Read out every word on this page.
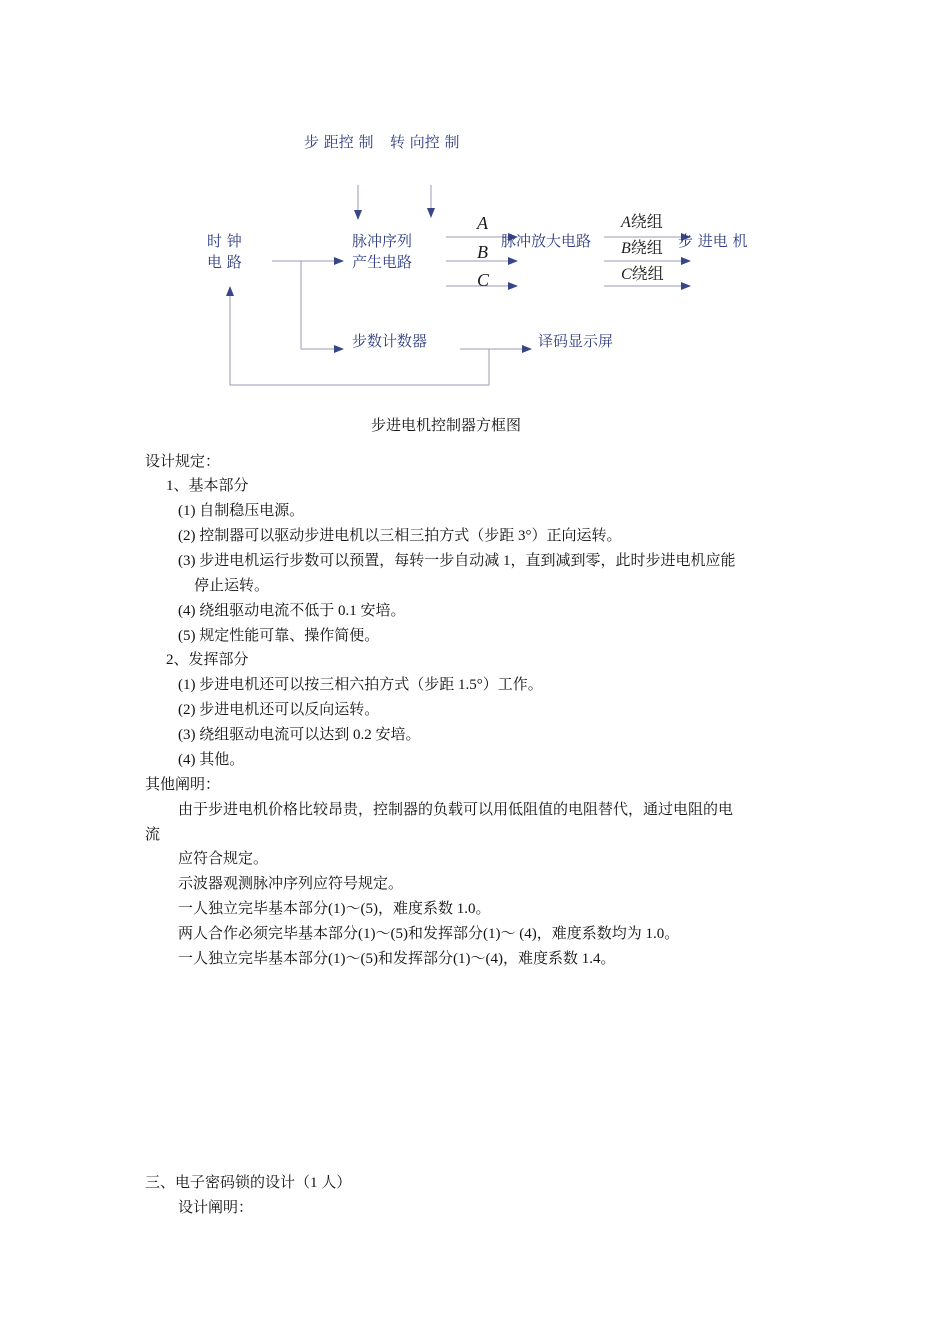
步 距控 制 转 向控 制
时 钟
电 路
脉冲序列
产生电路
A
B
C
脉冲放大电路
A绕组
B绕组
C绕组
步 进电 机
步数计数器	译码显示屏
步进电机控制器方框图
设计规定：
1、基本部分
(1) 自制稳压电源。
(2) 控制器可以驱动步进电机以三相三拍方式（步距 3°）正向运转。
(3) 步进电机运行步数可以预置，每转一步自动减 1，直到减到零，此时步进电机应能
停止运转。
(4) 绕组驱动电流不低于 0.1 安培。
(5) 规定性能可靠、操作简便。
2、发挥部分
(1) 步进电机还可以按三相六拍方式（步距 1.5°）工作。
(2) 步进电机还可以反向运转。
(3) 绕组驱动电流可以达到 0.2 安培。
(4) 其他。
其他阐明：
由于步进电机价格比较昂贵，控制器的负载可以用低阻值的电阻替代，通过电阻的电
流
应符合规定。
示波器观测脉冲序列应符号规定。
一人独立完毕基本部分(1)～(5)，难度系数 1.0。
两人合作必须完毕基本部分(1)～(5)和发挥部分(1)～ (4)，难度系数均为 1.0。
一人独立完毕基本部分(1)～(5)和发挥部分(1)～(4)，难度系数 1.4。
三、电子密码锁的设计（1 人）
设计阐明：
